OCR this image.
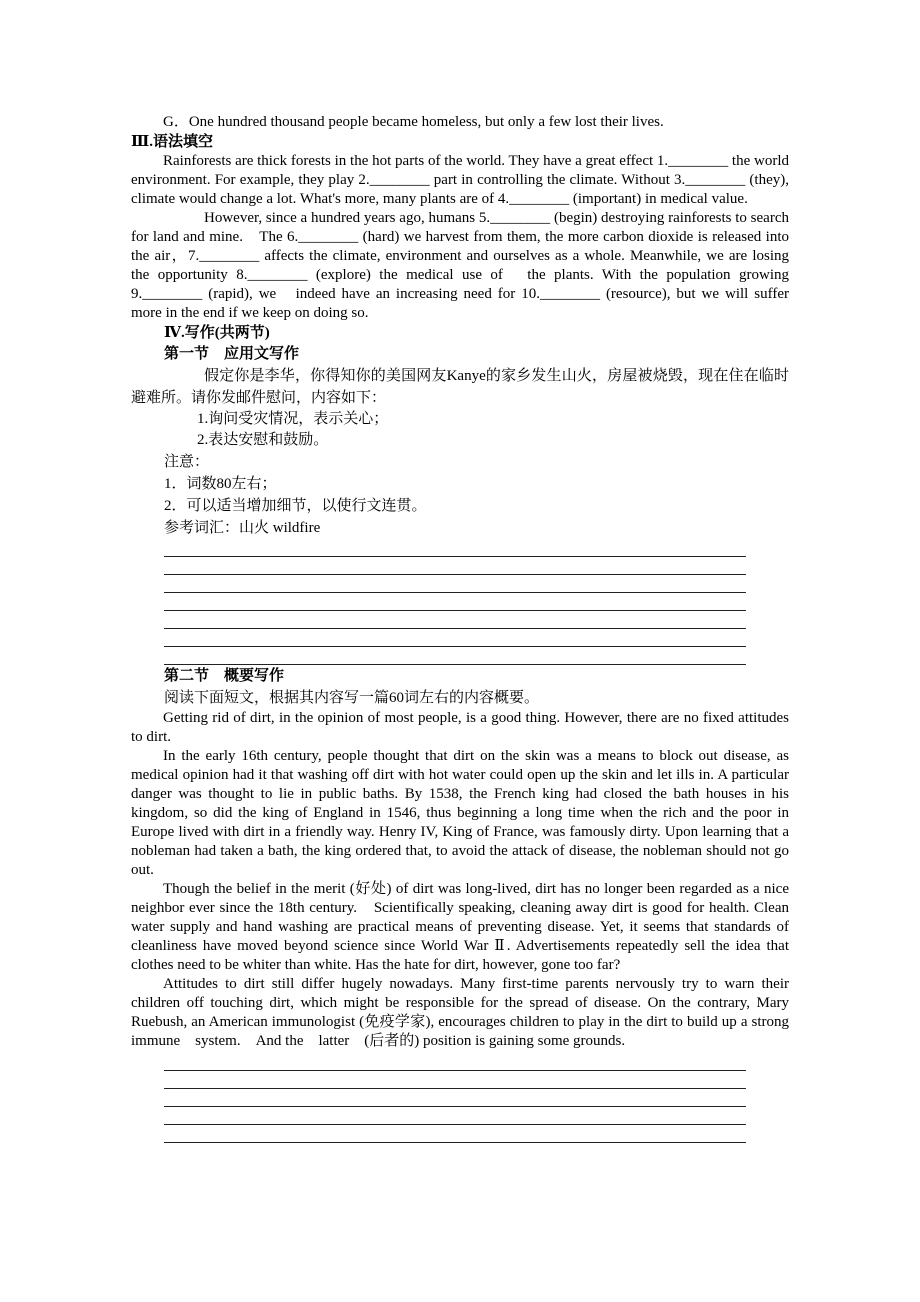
G．One hundred thousand people became homeless, but only a few lost their lives.

Ⅲ.语法填空

Rainforests are thick forests in the hot parts of the world. They have a great effect 1.________ the world environment. For example, they play 2.________ part in controlling the climate. Without 3.________ (they), climate would change a lot. What's more, many plants are of 4.________ (important) in medical value.

However, since a hundred years ago, humans 5.________ (begin) destroying rainforests to search for land and mine.　The 6.________ (hard) we harvest from them, the more carbon dioxide is released into the air，7.________ affects the climate, environment and ourselves as a whole. Meanwhile, we are losing the opportunity 8.________ (explore) the medical use of　the plants. With the population growing 9.________ (rapid), we　indeed have an increasing need for 10.________ (resource), but we will suffer more in the end if we keep on doing so.

Ⅳ.写作(共两节)

第一节　应用文写作

假定你是李华，你得知你的美国网友Kanye的家乡发生山火，房屋被烧毁，现在住在临时避难所。请你发邮件慰问，内容如下：

1.询问受灾情况，表示关心；

2.表达安慰和鼓励。

注意：

1．词数80左右；

2．可以适当增加细节，以使行文连贯。

参考词汇：山火 wildfire

第二节　概要写作

阅读下面短文，根据其内容写一篇60词左右的内容概要。

Getting rid of dirt, in the opinion of most people, is a good thing. However, there are no fixed attitudes to dirt.

In the early 16th century, people thought that dirt on the skin was a means to block out disease, as medical opinion had it that washing off dirt with hot water could open up the skin and let ills in. A particular danger was thought to lie in public baths. By 1538, the French king had closed the bath houses in his kingdom, so did the king of England in 1546, thus beginning a long time when the rich and the poor in Europe lived with dirt in a friendly way. Henry IV, King of France, was famously dirty. Upon learning that a nobleman had taken a bath, the king ordered that, to avoid the attack of disease, the nobleman should not go out.

Though the belief in the merit (好处) of dirt was long-lived, dirt has no longer been regarded as a nice neighbor ever since the 18th century.　Scientifically speaking, cleaning away dirt is good for health. Clean water supply and hand washing are practical means of preventing disease. Yet, it seems that standards of cleanliness have moved beyond science since World War Ⅱ. Advertisements repeatedly sell the idea that clothes need to be whiter than white. Has the hate for dirt, however, gone too far?

Attitudes to dirt still differ hugely nowadays. Many first-time parents nervously try to warn their children off touching dirt, which might be responsible for the spread of disease. On the contrary, Mary Ruebush, an American immunologist (免疫学家), encourages children to play in the dirt to build up a strong immune　system.　And the　latter　(后者的) position is gaining some grounds.
